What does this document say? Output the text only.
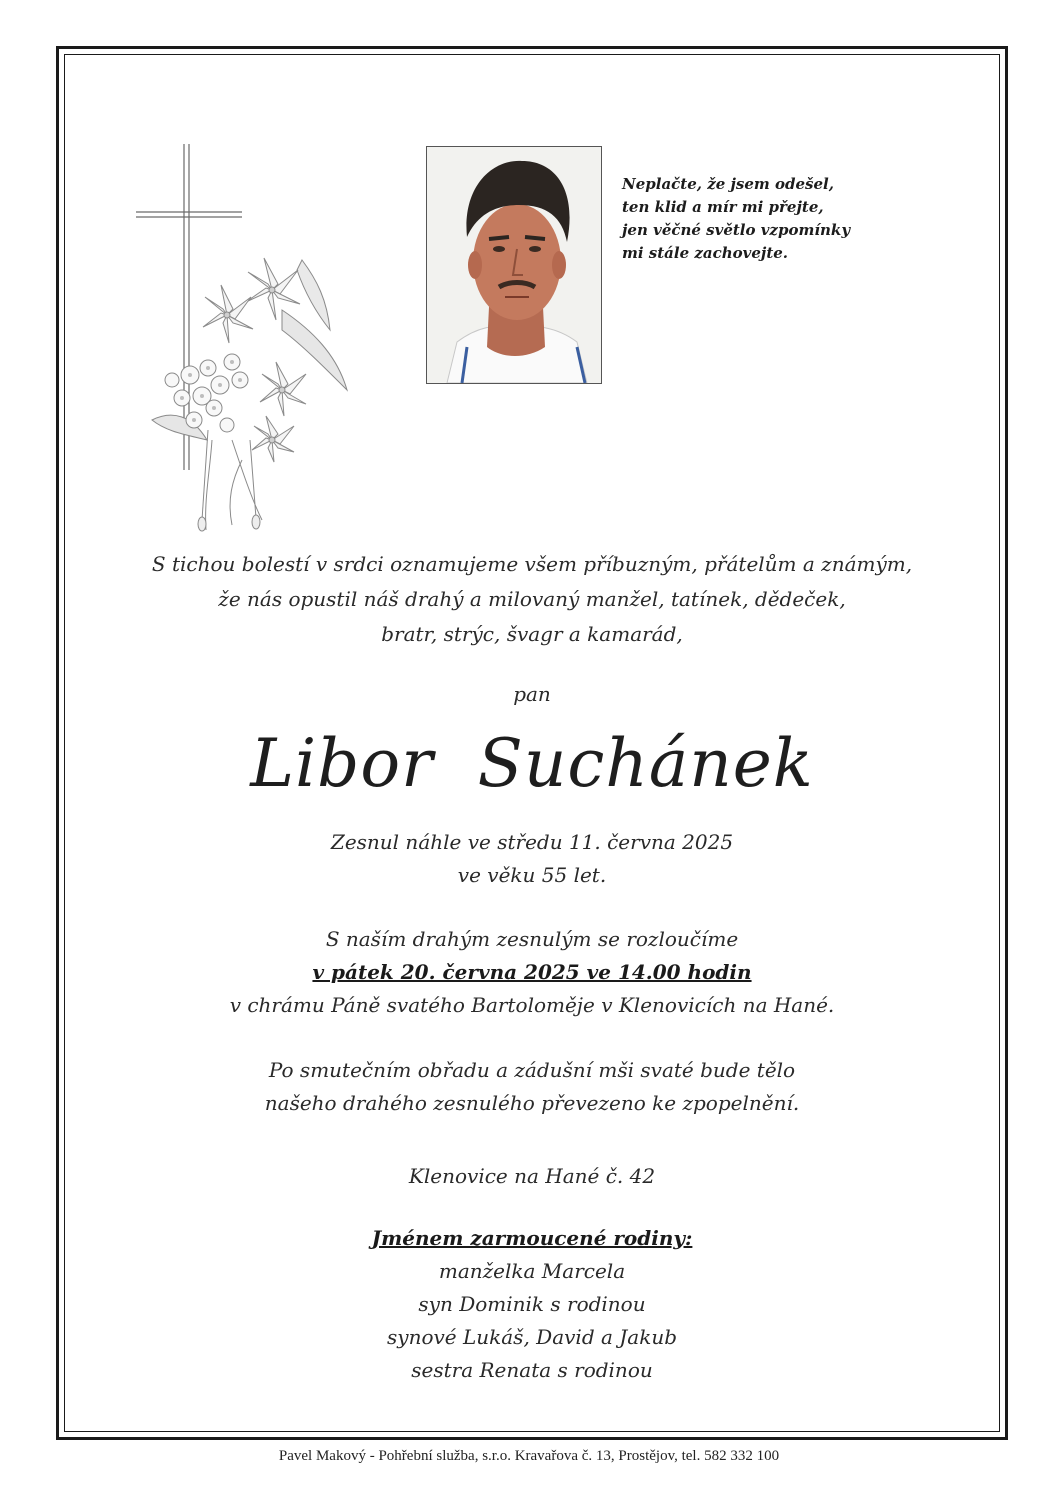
Neplačte, že jsem odešel,
ten klid a mír mi přejte,
jen věčné světlo vzpomínky
mi stále zachovejte.
S tichou bolestí v srdci oznamujeme všem příbuzným, přátelům a známým,
že nás opustil náš drahý a milovaný manžel, tatínek, dědeček,
bratr, strýc, švagr a kamarád,
pan
Libor Suchánek
Zesnul náhle ve středu 11. června 2025
ve věku 55 let.
S naším drahým zesnulým se rozloučíme
v pátek 20. června 2025 ve 14.00 hodin
v chrámu Páně svatého Bartoloměje v Klenovicích na Hané.
Po smutečním obřadu a zádušní mši svaté bude tělo
našeho drahého zesnulého převezeno ke zpopelnění.
Klenovice na Hané č. 42
Jménem zarmoucené rodiny:
manželka Marcela
syn Dominik s rodinou
synové Lukáš, David a Jakub
sestra Renata s rodinou
Pavel Makový - Pohřební služba, s.r.o. Kravařova č. 13, Prostějov, tel. 582 332 100
